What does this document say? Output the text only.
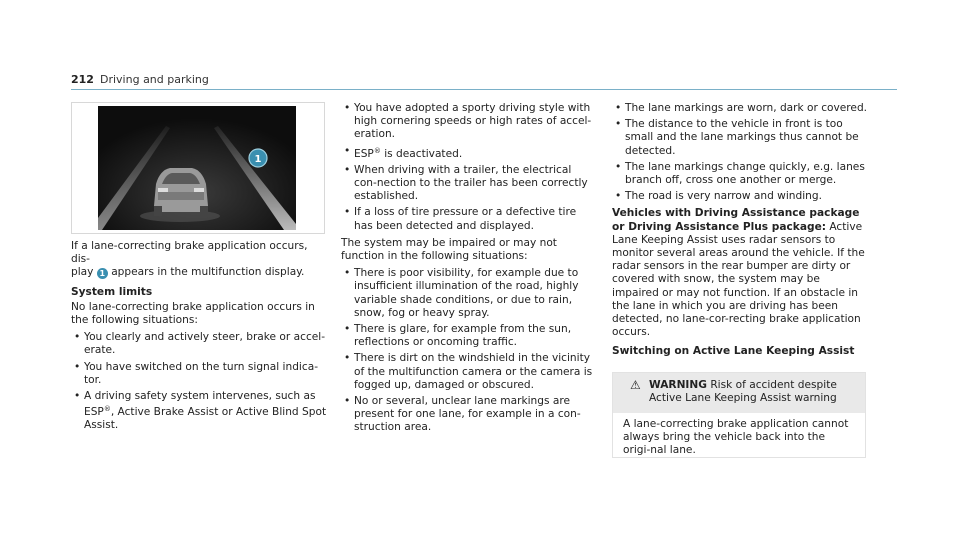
212 Driving and parking
1

If a lane-correcting brake application occurs, dis-
play 1 appears in the multifunction display.

System limits

No lane-correcting brake application occurs in the following situations:

• You clearly and actively steer, brake or accel-erate.
• You have switched on the turn signal indica-tor.
• A driving safety system intervenes, such as
ESP®, Active Brake Assist or Active Blind Spot Assist.
• You have adopted a sporty driving style with high cornering speeds or high rates of accel-eration.
• ESP® is deactivated.
• When driving with a trailer, the electrical con-nection to the trailer has been correctly established.
• If a loss of tire pressure or a defective tire has been detected and displayed.

The system may be impaired or may not function in the following situations:

• There is poor visibility, for example due to insufficient illumination of the road, highly variable shade conditions, or due to rain, snow, fog or heavy spray.
• There is glare, for example from the sun, reflections or oncoming traffic.
• There is dirt on the windshield in the vicinity of the multifunction camera or the camera is fogged up, damaged or obscured.
• No or several, unclear lane markings are present for one lane, for example in a con-struction area.
• The lane markings are worn, dark or covered.
• The distance to the vehicle in front is too small and the lane markings thus cannot be detected.
• The lane markings change quickly, e.g. lanes branch off, cross one another or merge.
• The road is very narrow and winding.

Vehicles with Driving Assistance package or Driving Assistance Plus package: Active Lane Keeping Assist uses radar sensors to monitor several areas around the vehicle. If the radar sensors in the rear bumper are dirty or covered with snow, the system may be impaired or may not function. If an obstacle in the lane in which you are driving has been detected, no lane-cor-recting brake application occurs.

Switching on Active Lane Keeping Assist

⚠ WARNING Risk of accident despite Active Lane Keeping Assist warning
A lane-correcting brake application cannot always bring the vehicle back into the origi-nal lane.
